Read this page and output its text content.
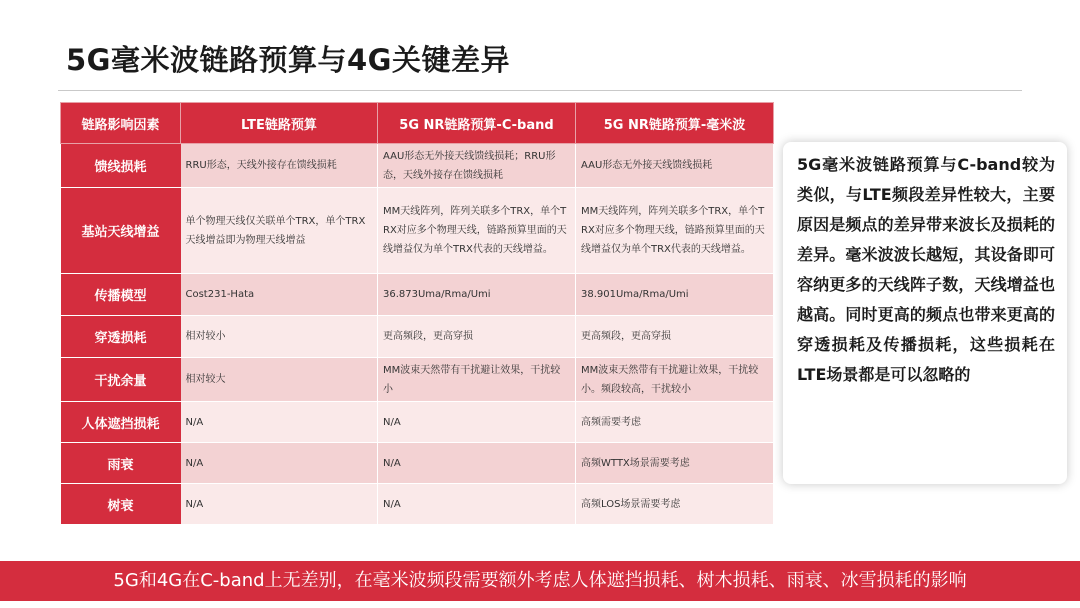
5G毫米波链路预算与4G关键差异
链路影响因素	LTE链路预算	5G NR链路预算-C-band	5G NR链路预算-毫米波
馈线损耗	RRU形态，天线外接存在馈线损耗	AAU形态无外接天线馈线损耗；RRU形态，天线外接存在馈线损耗	AAU形态无外接天线馈线损耗
基站天线增益	单个物理天线仅关联单个TRX，单个TRX天线增益即为物理天线增益	MM天线阵列，阵列关联多个TRX，单个TRX对应多个物理天线，链路预算里面的天线增益仅为单个TRX代表的天线增益。	MM天线阵列，阵列关联多个TRX，单个TRX对应多个物理天线，链路预算里面的天线增益仅为单个TRX代表的天线增益。
传播模型	Cost231-Hata	36.873Uma/Rma/Umi	38.901Uma/Rma/Umi
穿透损耗	相对较小	更高频段，更高穿损	更高频段，更高穿损
干扰余量	相对较大	MM波束天然带有干扰避让效果，干扰较小	MM波束天然带有干扰避让效果，干扰较小。频段较高，干扰较小
人体遮挡损耗	N/A	N/A	高频需要考虑
雨衰	N/A	N/A	高频WTTX场景需要考虑
树衰	N/A	N/A	高频LOS场景需要考虑
5G毫米波链路预算与C-band较为类似，与LTE频段差异性较大，主要原因是频点的差异带来波长及损耗的差异。毫米波波长越短，其设备即可容纳更多的天线阵子数，天线增益也越高。同时更高的频点也带来更高的穿透损耗及传播损耗，这些损耗在LTE场景都是可以忽略的
5G和4G在C-band上无差别，在毫米波频段需要额外考虑人体遮挡损耗、树木损耗、雨衰、冰雪损耗的影响
